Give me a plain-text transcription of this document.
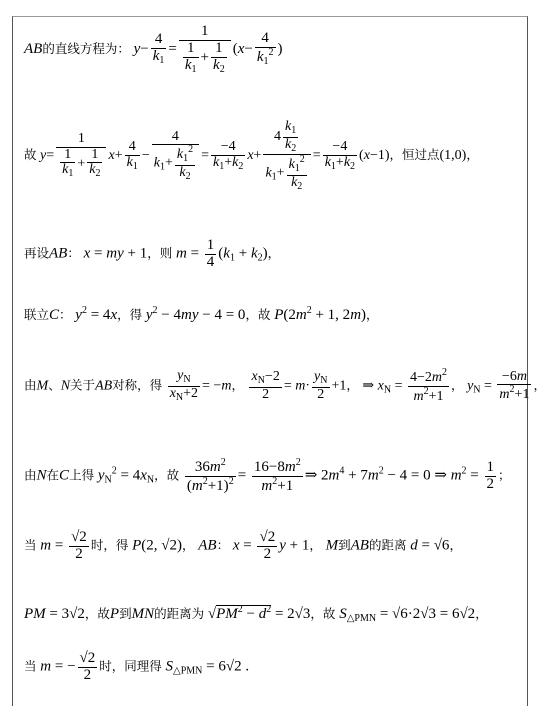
AB的直线方程为： $y- \frac{4}{k_1} = \frac{1}{\frac{1}{k_1} + \frac{1}{k_2}} (x- \frac{4}{k_1^2}$ )
故 $y= \frac{1}{\frac{1}{k_1} + \frac{1}{k_2}} x+ \frac{4}{k_1} - \frac{4}{k_1+ \frac{k_1^2}{k_2}} = \frac{-4}{k_1+k_2} x+ \frac{4 \frac{k_1}{k_2}}{k_1+ \frac{k_1^2}{k_2}} = \frac{-4}{k_1+k_2} (x-1)$，恒过点(1,0)，
再设AB： x = my + 1，则 $m = \frac{1}{4} (k_1 + k_2)$，
联立C： $y^2 = 4x$，得 $y^2 - 4my - 4 = 0$，故 $P(2m^2 + 1$, 2m)，
由M、N关于AB对称，得 $\frac{y_N}{x_N+2} = -m$， $\frac{x_N-2}{2} = m\cdot \frac{y_N}{2} +1$， ⇒ $x_N = \frac{4-2m^2}{m^2+1}$ ， $y_N = \frac{-6m}{m^2+1}$ ，
由N在C上得 $y_N^2 = 4x_N$，故 $\frac{36m^2}{(m^2+1)^2} = \frac{16-8m^2}{m^2+1}$ ⇒ $2m^4 + 7m^2 - 4 = 0$ ⇒ $m^2 = \frac{1}{2}$ ；
当 $m = \frac{√2}{2}$ 时，得 P(2, √2)， AB： $x = \frac{√2}{2}$ y + 1， M到AB的距离 d = √6，
PM = 3√2，故P到MN的距离为 $√PM^2 - d^2 = 2√3$，故 $S_{\triangle PMN} = √6\cdot 2√3 = 6√2$，
当 m = − $\frac{√2}{2}$ 时，同理得 $S_{\triangle PMN} = 6√2$ .
